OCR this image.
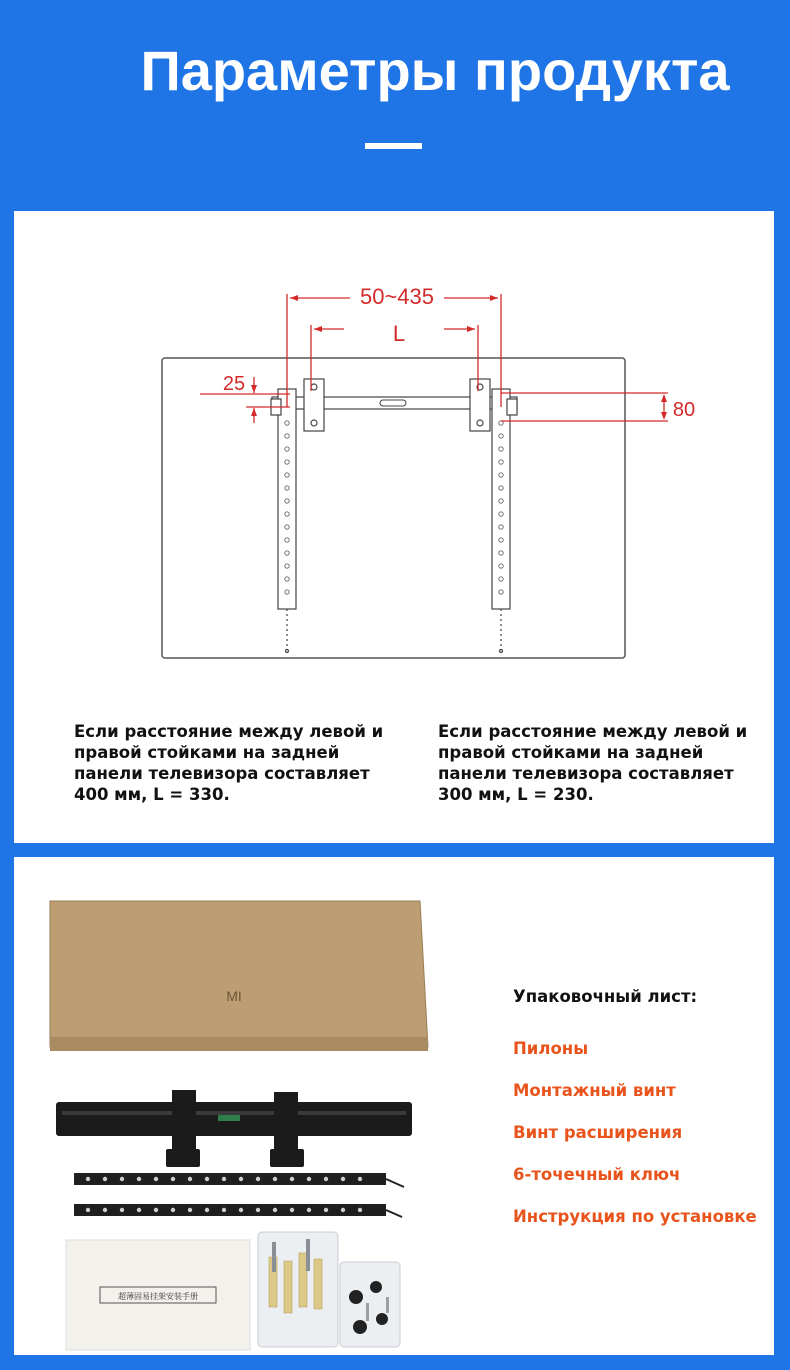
Параметры продукта
50~435
L
25
80
Если расстояние между левой и правой стойками на задней панели телевизора составляет 400 мм, L = 330.
Если расстояние между левой и правой стойками на задней панели телевизора составляет 300 мм, L = 230.
MI
超薄固易挂架安装手册
Упаковочный лист:
Пилоны
Монтажный винт
Винт расширения
6-точечный ключ
Инструкция по установке
